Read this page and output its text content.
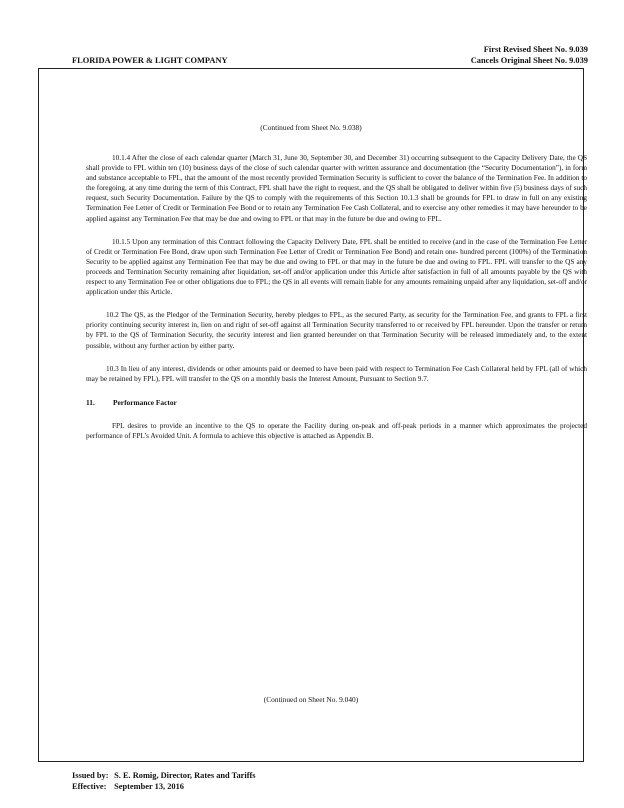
First Revised Sheet No. 9.039
Cancels Original Sheet No. 9.039
FLORIDA POWER & LIGHT COMPANY
(Continued from Sheet No. 9.038)

10.1.4 After the close of each calendar quarter (March 31, June 30, September 30, and December 31) occurring subsequent to the Capacity Delivery Date, the QS shall provide to FPL within ten (10) business days of the close of such calendar quarter with written assurance and documentation (the “Security Documentation”), in form and substance acceptable to FPL, that the amount of the most recently provided Termination Security is sufficient to cover the balance of the Termination Fee. In addition to the foregoing, at any time during the term of this Contract, FPL shall have the right to request, and the QS shall be obligated to deliver within five (5) business days of such request, such Security Documentation. Failure by the QS to comply with the requirements of this Section 10.1.3 shall be grounds for FPL to draw in full on any existing Termination Fee Letter of Credit or Termination Fee Bond or to retain any Termination Fee Cash Collateral, and to exercise any other remedies it may have hereunder to be applied against any Termination Fee that may be due and owing to FPL or that may in the future be due and owing to FPL.

10.1.5 Upon any termination of this Contract following the Capacity Delivery Date, FPL shall be entitled to receive (and in the case of the Termination Fee Letter of Credit or Termination Fee Bond, draw upon such Termination Fee Letter of Credit or Termination Fee Bond) and retain one- hundred percent (100%) of the Termination Security to be applied against any Termination Fee that may be due and owing to FPL or that may in the future be due and owing to FPL. FPL will transfer to the QS any proceeds and Termination Security remaining after liquidation, set-off and/or application under this Article after satisfaction in full of all amounts payable by the QS with respect to any Termination Fee or other obligations due to FPL; the QS in all events will remain liable for any amounts remaining unpaid after any liquidation, set-off and/or application under this Article.

10.2 The QS, as the Pledgor of the Termination Security, hereby pledges to FPL, as the secured Party, as security for the Termination Fee, and grants to FPL a first priority continuing security interest in, lien on and right of set-off against all Termination Security transferred to or received by FPL hereunder. Upon the transfer or return by FPL to the QS of Termination Security, the security interest and lien granted hereunder on that Termination Security will be released immediately and, to the extent possible, without any further action by either party.

10.3 In lieu of any interest, dividends or other amounts paid or deemed to have been paid with respect to Termination Fee Cash Collateral held by FPL (all of which may be retained by FPL), FPL will transfer to the QS on a monthly basis the Interest Amount, Pursuant to Section 9.7.

11. Performance Factor

FPL desires to provide an incentive to the QS to operate the Facility during on-peak and off-peak periods in a manner which approximates the projected performance of FPL’s Avoided Unit. A formula to achieve this objective is attached as Appendix B.

(Continued on Sheet No. 9.040)
Issued by: S. E. Romig, Director, Rates and Tariffs
Effective: September 13, 2016
